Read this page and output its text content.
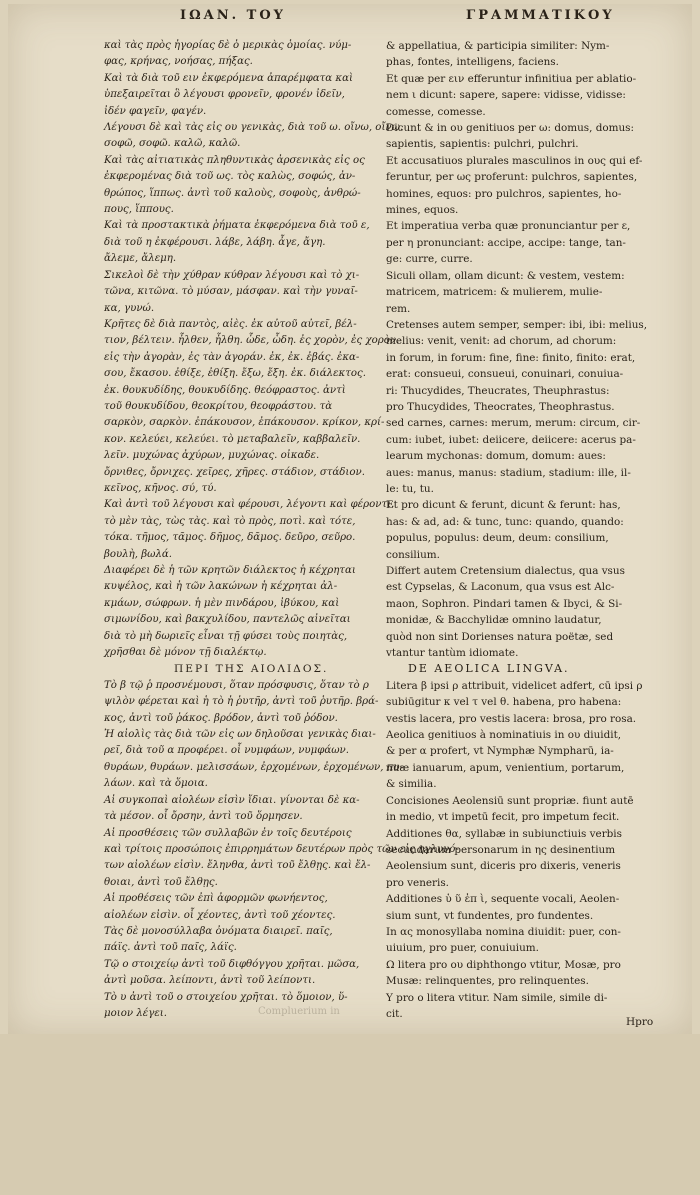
ΙΩΑΝ. ΤΟΥ	ΓΡΑΜΜΑΤΙΚΟΥ
καὶ τὰς πρὸς ἠγορίας δὲ ὁ μερικὰς ὁμοίας. νύμ-
φας, κρήνας, νοήσας, πήξας.
Καὶ τὰ διὰ τοῦ ειν ἐκφερόμενα ἀπαρέμφατα καὶ
ὑπεξαιρεῖται ὃ λέγουσι φρονεῖν, φρονέν ἰδεῖν,
ἰδέν φαγεῖν, φαγέν.
Λέγουσι δὲ καὶ τὰς εἰς ου γενικὰς, διὰ τοῦ ω. οἴνω, οἴνω.
σοφῶ, σοφῶ. καλῶ, καλῶ.
Καὶ τὰς αἰτιατικὰς πληθυντικὰς ἀρσενικὰς εἰς ος
ἐκφερομένας διὰ τοῦ ως. τὸς καλὼς, σοφώς, ἀν-
θρώπος, ἵππως. ἀντὶ τοῦ καλοὺς, σοφοὺς, ἀνθρώ-
πους, ἵππους.
Καὶ τὰ προστακτικὰ ῥήματα ἐκφερόμενα διὰ τοῦ ε,
διὰ τοῦ η ἐκφέρουσι. λάβε, λάβη. ἆγε, ἄγη.
ἄλεμε, ἄλεμη.
Σικελοὶ δὲ τὴν χύθραν κύθραν λέγουσι καὶ τὸ χι-
τῶνα, κιτῶνα. τὸ μύσαν, μάσφαν. καὶ τὴν γυναῖ-
κα, γυνώ.
Κρῆτες δὲ διὰ παντὸς, αἰὲς. ἐκ αὐτοῦ αὐτεῖ, βέλ-
τιον, βέλτειν. ἦλθεν, ἦλθη. ὧδε, ὧδη. ἐς χορὸν, ἐς χορὸν.
εἰς τὴν ἀγορὰν, ἐς τὰν ἀγοράν. ἐκ, ἐκ. ἐβάς. ἐκα-
σου, ἔκασου. ἐθίξε, ἐθίξη. ἔξω, ἔξη. ἐκ. διάλεκτος.
ἐκ. θουκυδίδης, θουκυδίδης. θεόφραστος. ἀντὶ
τοῦ θουκυδίδου, θεοκρίτου, θεοφράστου. τὰ
σαρκὸν, σαρκὸν. ἐπάκουσον, ἐπάκουσον. κρίκον, κρί-
κον. κελεύει, κελεύει. τὸ μεταβαλεῖν, καββαλεῖν.
λεῖν. μυχώνας ἀχύρων, μυχώνας. οἰκαδε.
ὄρνιθες, ὄρνιχες. χεῖρες, χῆρες. στάδιον, στάδιον.
κεῖνος, κῆνος. σύ, τύ.
Καὶ ἀντὶ τοῦ λέγουσι καὶ φέρουσι, λέγοντι καὶ φέροντι.
τὸ μὲν τὰς, τὼς τὰς. καὶ τὸ πρὸς, ποτὶ. καὶ τότε,
τόκα. τῆμος, τᾶμος. δῆμος, δᾶμος. δεῦρο, σεῦρο.
βουλὴ, βωλά.
Διαφέρει δὲ ἡ τῶν κρητῶν διάλεκτος ἡ κέχρηται
κυψέλος, καὶ ἡ τῶν λακώνων ἡ κέχρηται ἀλ-
κμάων, σώφρων. ἡ μὲν πινδάρου, ἰβύκου, καὶ
σιμωνίδου, καὶ βακχυλίδου, παντελῶς αἰνεῖται
διὰ τὸ μὴ δωριεῖς εἶναι τῇ φύσει τοὺς ποιητὰς,
χρῆσθαι δὲ μόνον τῇ διαλέκτῳ.
ΠΕΡΙ ΤΗΣ ΑΙΟΛΙΔΟΣ.
Τὸ β τῷ ῥ προσνέμουσι, ὅταν πρόσφυσις, ὅταν τὸ ρ
ψιλὸν φέρεται καὶ ἡ τὸ ἡ ῥυτῆρ, ἀντὶ τοῦ ῥυτῆρ. βρά-
κος, ἀντὶ τοῦ ῥάκος. βρόδον, ἀντὶ τοῦ ῥόδον.
Ἠ αἰολὶς τὰς διὰ τῶν εἰς ων δηλοῦσαι γενικὰς διαι-
ρεῖ, διὰ τοῦ α προφέρει. οἷ νυμφάων, νυμφάων.
θυράων, θυράων. μελισσάων, ἐρχομένων, ἐρχομένων, πυ-
λάων. καὶ τὰ ὅμοια.
Αἱ συγκοπαὶ αἰολέων εἰσὶν ἴδιαι. γίνονται δὲ κα-
τὰ μέσον. οἷ ὄρσην, ἀντὶ τοῦ ὅρμησεν.
Αἱ προσθέσεις τῶν συλλαβῶν ἐν τοῖς δευτέροις
καὶ τρίτοις προσώποις ἐπιρρημάτων δευτέρων πρὸς τῶν εἰς ηγλυνό-
των αἰολέων εἰσὶν. ἔληνθα, ἀντὶ τοῦ ἔλθῃς. καὶ ἔλ-
θοιαι, ἀντὶ τοῦ ἔλθῃς.
Αἱ προθέσεις τῶν ἐπὶ ἀφορμῶν φωνήεντος,
αἰολέων εἰσὶν. οἷ χέοντες, ἀντὶ τοῦ χέοντες.
Τὰς δὲ μονοσύλλαβα ὀνόματα διαιρεῖ. παῖς,
πάϊς. ἀντὶ τοῦ παῖς, λάϊς.
Τῷ ο στοιχείῳ ἀντὶ τοῦ διφθόγγου χρῆται. μῶσα,
ἀντὶ μοῦσα. λείποντι, ἀντὶ τοῦ λείποντι.
Τὸ υ ἀντὶ τοῦ ο στοιχείου χρῆται. τὸ ὅμοιον, ὕ-
μοιον λέγει.
& appellatiua, & participia similiter: Nym-
phas, fontes, intelligens, faciens.
Et quæ per ειν efferuntur infinitiua per ablatio-
nem ι dicunt: sapere, sapere: vidisse, vidisse:
comesse, comesse.
Dicunt & in ου genitiuos per ω: domus, domus:
sapientis, sapientis: pulchri, pulchri.
Et accusatiuos plurales masculinos in ους qui ef-
feruntur, per ως proferunt: pulchros, sapientes,
homines, equos: pro pulchros, sapientes, ho-
mines, equos.
Et imperatiua verba quæ pronunciantur per ε,
per η pronunciant: accipe, accipe: tange, tan-
ge: curre, curre.
Siculi ollam, ollam dicunt: & vestem, vestem:
matricem, matricem: & mulierem, mulie-
rem.
Cretenses autem semper, semper: ibi, ibi: melius,
melius: venit, venit: ad chorum, ad chorum:
in forum, in forum: fine, fine: finito, finito: erat,
erat: consueui, consueui, conuinari, conuiua-
ri: Thucydides, Theucrates, Theuphrastus:
pro Thucydides, Theocrates, Theophrastus.
sed carnes, carnes: merum, merum: circum, cir-
cum: iubet, iubet: deiicere, deiicere: acerus pa-
learum mychonas: domum, domum: aues:
aues: manus, manus: stadium, stadium: ille, il-
le: tu, tu.
Et pro dicunt & ferunt, dicunt & ferunt: has,
has: & ad, ad: & tunc, tunc: quando, quando:
populus, populus: deum, deum: consilium,
consilium.
Differt autem Cretensium dialectus, qua vsus
est Cypselas, & Laconum, qua vsus est Alc-
maon, Sophron. Pindari tamen & Ibyci, & Si-
monidæ, & Bacchylidæ omnino laudatur,
quòd non sint Dorienses natura poëtæ, sed
vtantur tantùm idiomate.
DE AEOLICA LINGVA.
Litera β ipsi ρ attribuit, videlicet adfert, cū ipsi ρ
subiūgitur κ vel τ vel θ. habena, pro habena:
vestis lacera, pro vestis lacera: brosa, pro rosa.
Aeolica genitiuos à nominatiuis in ου diuidit,
& per α profert, vt Nymphæ Nympharū, ia-
nuæ ianuarum, apum, venientium, portarum,
& similia.
Concisiones Aeolensiū sunt propriæ. fiunt autē
in medio, vt impetū fecit, pro impetum fecit.
Additiones θα, syllabæ in subiunctiuis verbis
secundarum personarum in ης desinentium
Aeolensium sunt, diceris pro dixeris, veneris
pro veneris.
Additiones ὑ ῦ ἐπ ὶ, sequente vocali, Aeolen-
sium sunt, vt fundentes, pro fundentes.
In ας monosyllaba nomina diuidit: puer, con-
uiuium, pro puer, conuiuium.
Ω litera pro ου diphthongo vtitur, Mosæ, pro
Musæ: relinquentes, pro relinquentes.
Υ pro ο litera vtitur. Nam simile, simile di-
cit.
Compluerium in
Hpro
